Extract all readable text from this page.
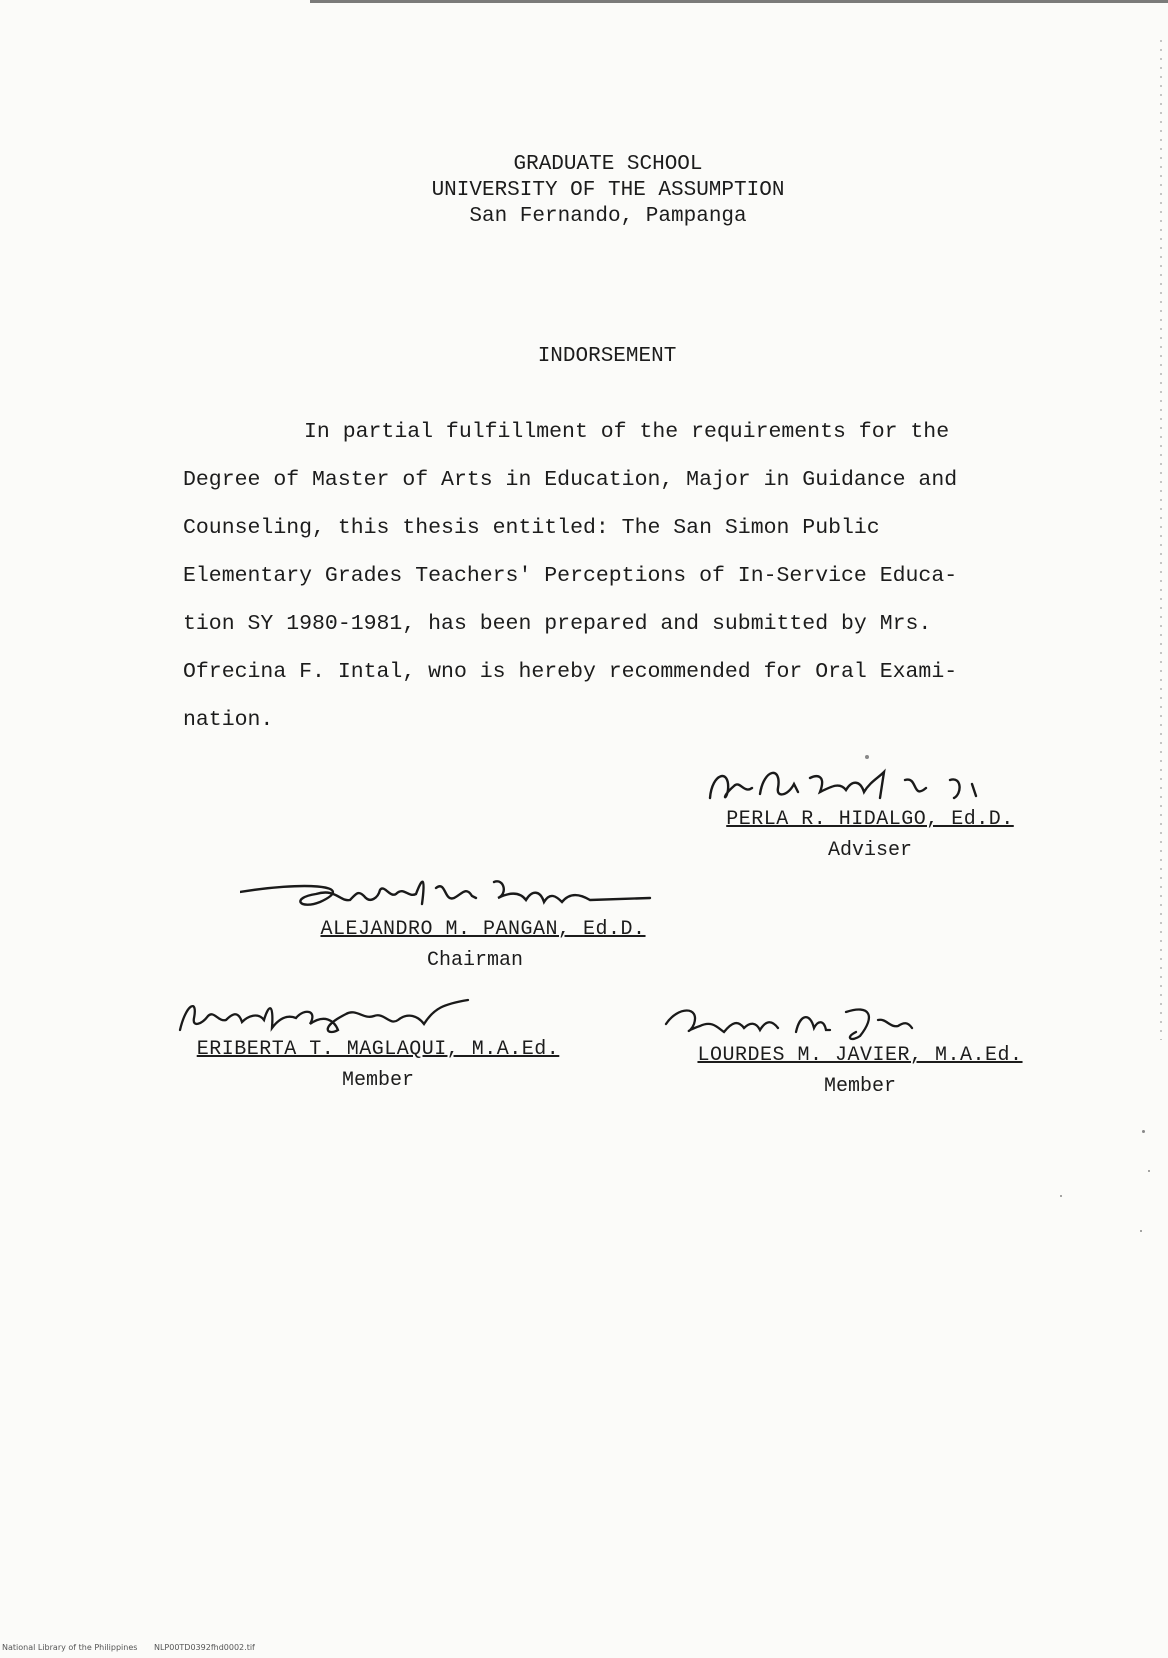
GRADUATE SCHOOL
UNIVERSITY OF THE ASSUMPTION
San Fernando, Pampanga
INDORSEMENT
In partial fulfillment of the requirements for the
Degree of Master of Arts in Education, Major in Guidance and
Counseling, this thesis entitled: The San Simon Public
Elementary Grades Teachers' Perceptions of In-Service Educa-
tion SY 1980-1981, has been prepared and submitted by Mrs.
Ofrecina F. Intal, wno is hereby recommended for Oral Exami-
nation.
PERLA R. HIDALGO, Ed.D.
Adviser
ALEJANDRO M. PANGAN, Ed.D.
Chairman
ERIBERTA T. MAGLAQUI, M.A.Ed.
Member
LOURDES M. JAVIER, M.A.Ed.
Member
National Library of the Philippines NLP00TD0392fhd0002.tif
